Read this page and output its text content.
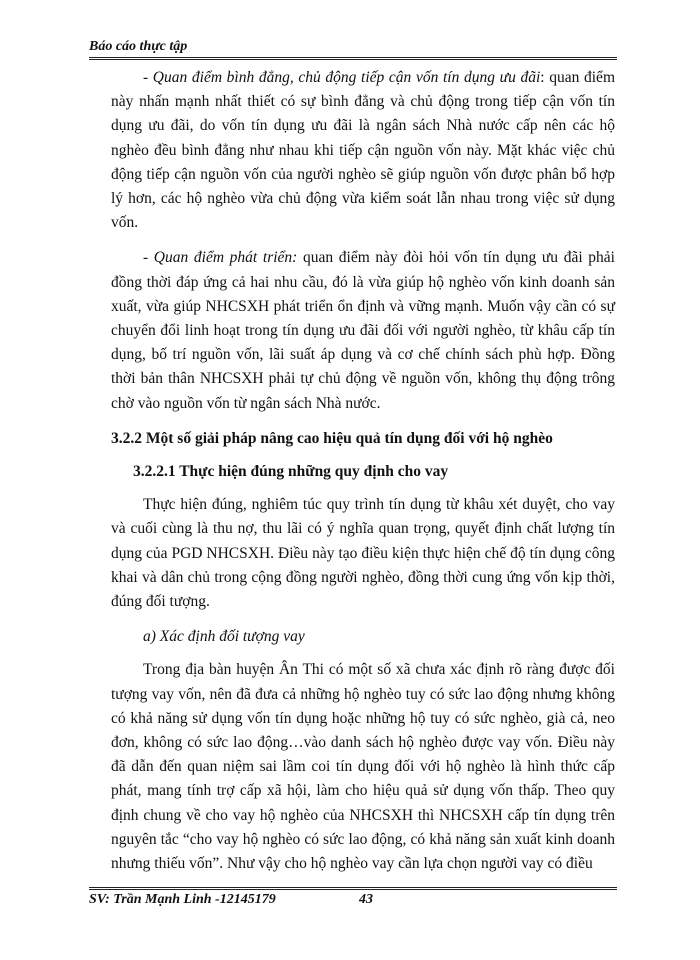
Báo cáo thực tập

- Quan điểm bình đẳng, chủ động tiếp cận vốn tín dụng ưu đãi: quan điểm này nhấn mạnh nhất thiết có sự bình đẳng và chủ động trong tiếp cận vốn tín dụng ưu đãi, do vốn tín dụng ưu đãi là ngân sách Nhà nước cấp nên các hộ nghèo đều bình đẳng như nhau khi tiếp cận nguồn vốn này. Mặt khác việc chủ động tiếp cận nguồn vốn của người nghèo sẽ giúp nguồn vốn được phân bổ hợp lý hơn, các hộ nghèo vừa chủ động vừa kiểm soát lẫn nhau trong việc sử dụng vốn.

- Quan điểm phát triển: quan điểm này đòi hỏi vốn tín dụng ưu đãi phải đồng thời đáp ứng cả hai nhu cầu, đó là vừa giúp hộ nghèo vốn kinh doanh sản xuất, vừa giúp NHCSXH phát triển ổn định và vững mạnh. Muốn vậy cần có sự chuyển đổi linh hoạt trong tín dụng ưu đãi đối với người nghèo, từ khâu cấp tín dụng, bố trí nguồn vốn, lãi suất áp dụng và cơ chế chính sách phù hợp. Đồng thời bản thân NHCSXH phải tự chủ động về nguồn vốn, không thụ động trông chờ vào nguồn vốn từ ngân sách Nhà nước.

3.2.2 Một số giải pháp nâng cao hiệu quả tín dụng đối với hộ nghèo

3.2.2.1 Thực hiện đúng những quy định cho vay

Thực hiện đúng, nghiêm túc quy trình tín dụng từ khâu xét duyệt, cho vay và cuối cùng là thu nợ, thu lãi có ý nghĩa quan trọng, quyết định chất lượng tín dụng của PGD NHCSXH. Điều này tạo điều kiện thực hiện chế độ tín dụng công khai và dân chủ trong cộng đồng người nghèo, đồng thời cung ứng vốn kịp thời, đúng đối tượng.

a) Xác định đối tượng vay

Trong địa bàn huyện Ân Thi có một số xã chưa xác định rõ ràng được đối tượng vay vốn, nên đã đưa cả những hộ nghèo tuy có sức lao động nhưng không có khả năng sử dụng vốn tín dụng hoặc những hộ tuy có sức nghèo, già cả, neo đơn, không có sức lao động…vào danh sách hộ nghèo được vay vốn. Điều này đã dẫn đến quan niệm sai lầm coi tín dụng đối với hộ nghèo là hình thức cấp phát, mang tính trợ cấp xã hội, làm cho hiệu quả sử dụng vốn thấp. Theo quy định chung về cho vay hộ nghèo của NHCSXH thì NHCSXH cấp tín dụng trên nguyên tắc “cho vay hộ nghèo có sức lao động, có khả năng sản xuất kinh doanh nhưng thiếu vốn”. Như vậy cho hộ nghèo vay cần lựa chọn người vay có điều

SV: Trần Mạnh Linh -12145179	43
